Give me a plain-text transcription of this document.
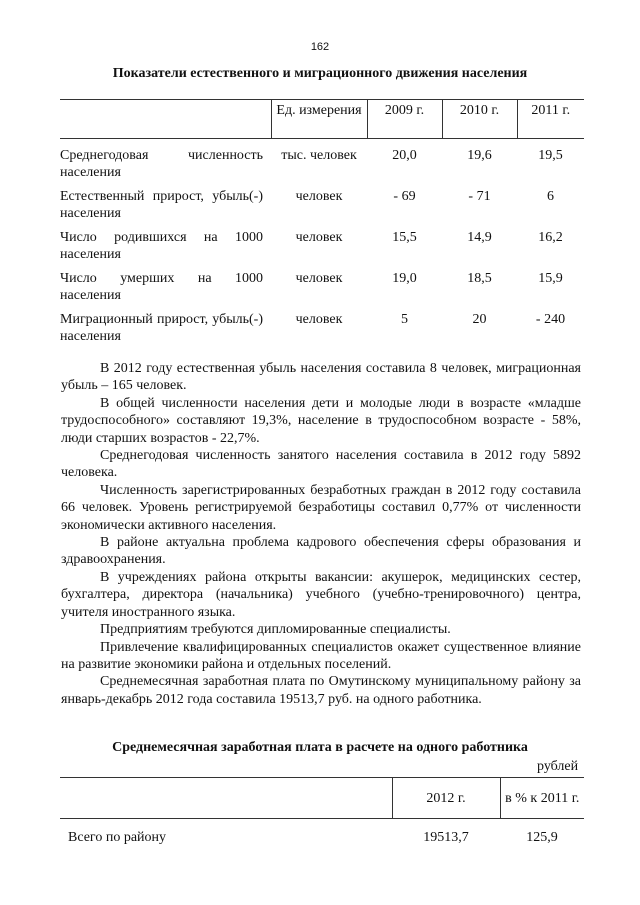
162
Показатели естественного и миграционного движения населения
	Ед. измерения	2009 г.	2010 г.	2011 г.
Среднегодовая численность населения	тыс. человек	20,0	19,6	19,5
Естественный прирост, убыль(-) населения	человек	- 69	- 71	6
Число родившихся на 1000 населения	человек	15,5	14,9	16,2
Число умерших на 1000 населения	человек	19,0	18,5	15,9
Миграционный прирост, убыль(-) населения	человек	5	20	- 240

В 2012 году естественная убыль населения составила 8 человек, миграционная убыль – 165 человек.

В общей численности населения дети и молодые люди в возрасте «младше трудоспособного» составляют 19,3%, население в трудоспособном возрасте - 58%, люди старших возрастов - 22,7%.

Среднегодовая численность занятого населения составила в 2012 году 5892 человека.

Численность зарегистрированных безработных граждан в 2012 году составила 66 человек. Уровень регистрируемой безработицы составил 0,77% от численности экономически активного населения.

В районе актуальна проблема кадрового обеспечения сферы образования и здравоохранения.

В учреждениях района открыты вакансии: акушерок, медицинских сестер, бухгалтера, директора (начальника) учебного (учебно-тренировочного) центра, учителя иностранного языка.

Предприятиям требуются дипломированные специалисты.

Привлечение квалифицированных специалистов окажет существенное влияние на развитие экономики района и отдельных поселений.

Среднемесячная заработная плата по Омутинскому муниципальному району за январь-декабрь 2012 года составила 19513,7 руб. на одного работника.

Среднемесячная заработная плата в расчете на одного работника
рублей
	2012 г.	в % к 2011 г.
Всего по району	19513,7	125,9
